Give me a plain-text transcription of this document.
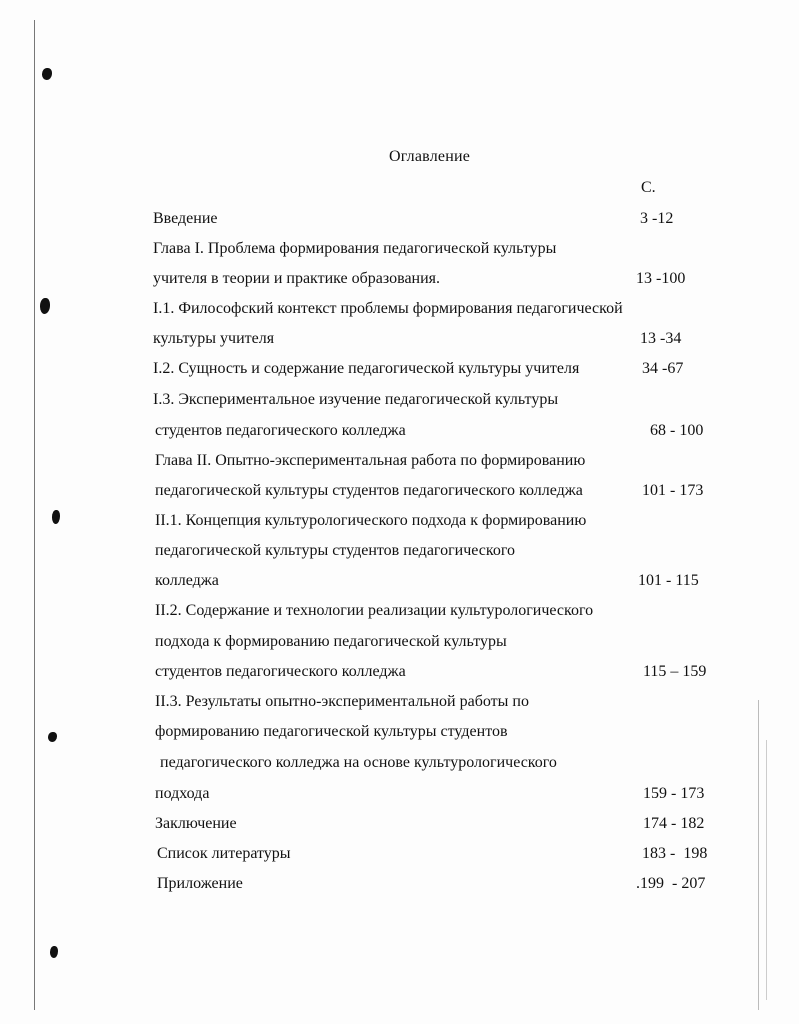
Оглавление
С.
Введение	3 -12
Глава I. Проблема формирования педагогической культуры
учителя в теории и практике образования.	13 -100
I.1. Философский контекст проблемы формирования педагогической
культуры учителя	13 -34
I.2. Сущность и содержание педагогической культуры учителя	34 -67
I.3. Экспериментальное изучение педагогической культуры
студентов педагогического колледжа	68 - 100
Глава II. Опытно-экспериментальная работа по формированию
педагогической культуры студентов педагогического колледжа	101 - 173
II.1. Концепция культурологического подхода к формированию
педагогической культуры студентов педагогического
колледжа	101 - 115
II.2. Содержание и технологии реализации культурологического
подхода к формированию педагогической культуры
студентов педагогического колледжа	115 – 159
II.3. Результаты опытно-экспериментальной работы по
формированию педагогической культуры студентов
педагогического колледжа на основе культурологического
подхода	159 - 173
Заключение	174 - 182
Список литературы	183 -  198
Приложение	.199  - 207
